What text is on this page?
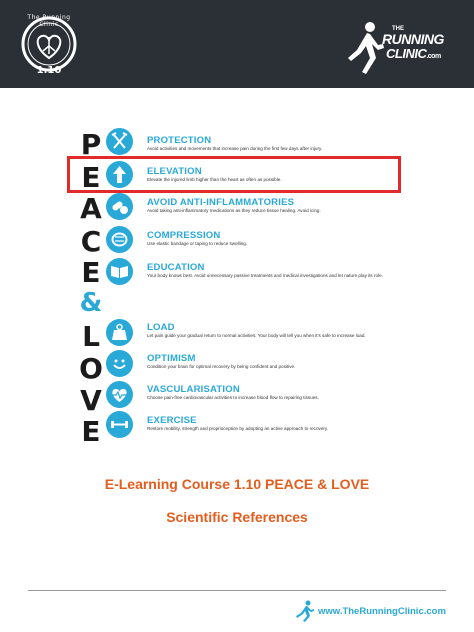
The Running Clinic
1.10
THE
RUNNING
CLINIC.com
P
E
A
C
E
&
L
O
V
E
PROTECTION
Avoid activities and movements that increase pain during the first few days after injury.
ELEVATION
Elevate the injured limb higher than the heart as often as possible.
AVOID ANTI-INFLAMMATORIES
Avoid taking anti-inflammatory medications as they reduce tissue healing. Avoid icing.
COMPRESSION
Use elastic bandage or taping to reduce swelling.
EDUCATION
Your body knows best. Avoid unnecessary passive treatments and medical investigations and let nature play its role.
LOAD
Let pain guide your gradual return to normal activities. Your body will tell you when it's safe to increase load.
OPTIMISM
Condition your brain for optimal recovery by being confident and positive.
VASCULARISATION
Choose pain-free cardiovascular activities to increase blood flow to repairing tissues.
EXERCISE
Restore mobility, strength and proprioception by adopting an active approach to recovery.
E-Learning Course 1.10 PEACE & LOVE
Scientific References
www.TheRunningClinic.com
